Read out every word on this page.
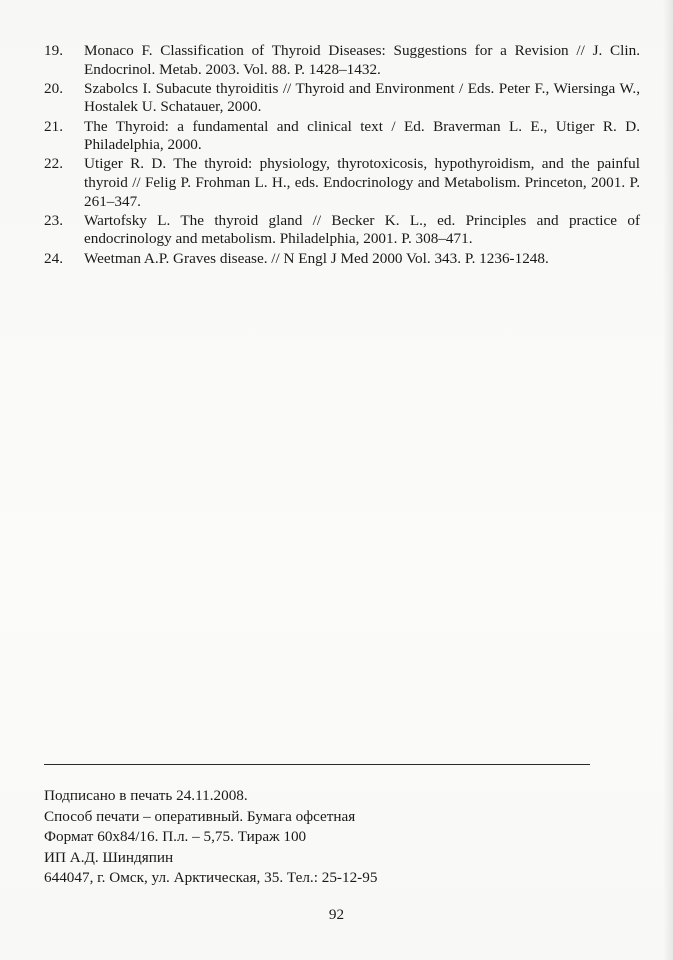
19. Monaco F. Classification of Thyroid Diseases: Suggestions for a Revision // J. Clin. Endocrinol. Metab. 2003. Vol. 88. P. 1428–1432.
20. Szabolcs I. Subacute thyroiditis // Thyroid and Environment / Eds. Peter F., Wiersinga W., Hostalek U. Schatauer, 2000.
21. The Thyroid: a fundamental and clinical text / Ed. Braverman L. E., Utiger R. D. Philadelphia, 2000.
22. Utiger R. D. The thyroid: physiology, thyrotoxicosis, hypothyroidism, and the painful thyroid // Felig P. Frohman L. H., eds. Endocrinology and Metabolism. Princeton, 2001. P. 261–347.
23. Wartofsky L. The thyroid gland // Becker K. L., ed. Principles and practice of endocrinology and metabolism. Philadelphia, 2001. P. 308–471.
24. Weetman A.P. Graves disease. // N Engl J Med 2000 Vol. 343. P. 1236-1248.
Подписано в печать 24.11.2008.
Способ печати – оперативный. Бумага офсетная
Формат 60x84/16. П.л. – 5,75. Тираж 100
ИП А.Д. Шиндяпин
644047, г. Омск, ул. Арктическая, 35. Тел.: 25-12-95
92
